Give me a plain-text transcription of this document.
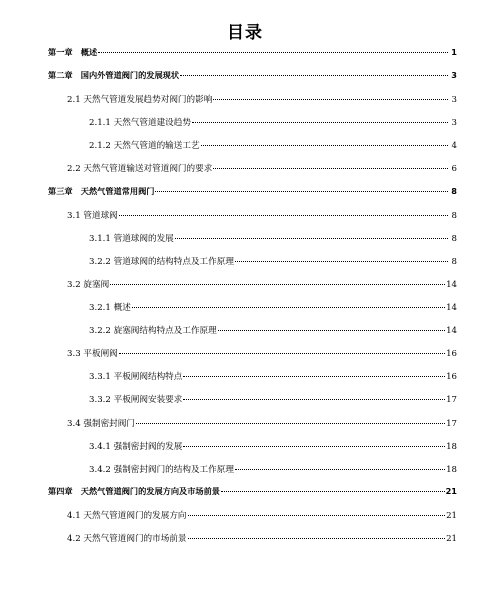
目录
第一章　概述	1
第二章　国内外管道阀门的发展现状	3
2.1 天然气管道发展趋势对阀门的影响	3
2.1.1 天然气管道建设趋势	3
2.1.2 天然气管道的输送工艺	4
2.2 天然气管道输送对管道阀门的要求	6
第三章　天然气管道常用阀门	8
3.1 管道球阀	8
3.1.1 管道球阀的发展	8
3.2.2 管道球阀的结构特点及工作原理	8
3.2 旋塞阀	14
3.2.1 概述	14
3.2.2 旋塞阀结构特点及工作原理	14
3.3 平板闸阀	16
3.3.1 平板闸阀结构特点	16
3.3.2 平板闸阀安装要求	17
3.4 强制密封阀门	17
3.4.1 强制密封阀的发展	18
3.4.2 强制密封阀门的结构及工作原理	18
第四章　天然气管道阀门的发展方向及市场前景	21
4.1 天然气管道阀门的发展方向	21
4.2 天然气管道阀门的市场前景	21
